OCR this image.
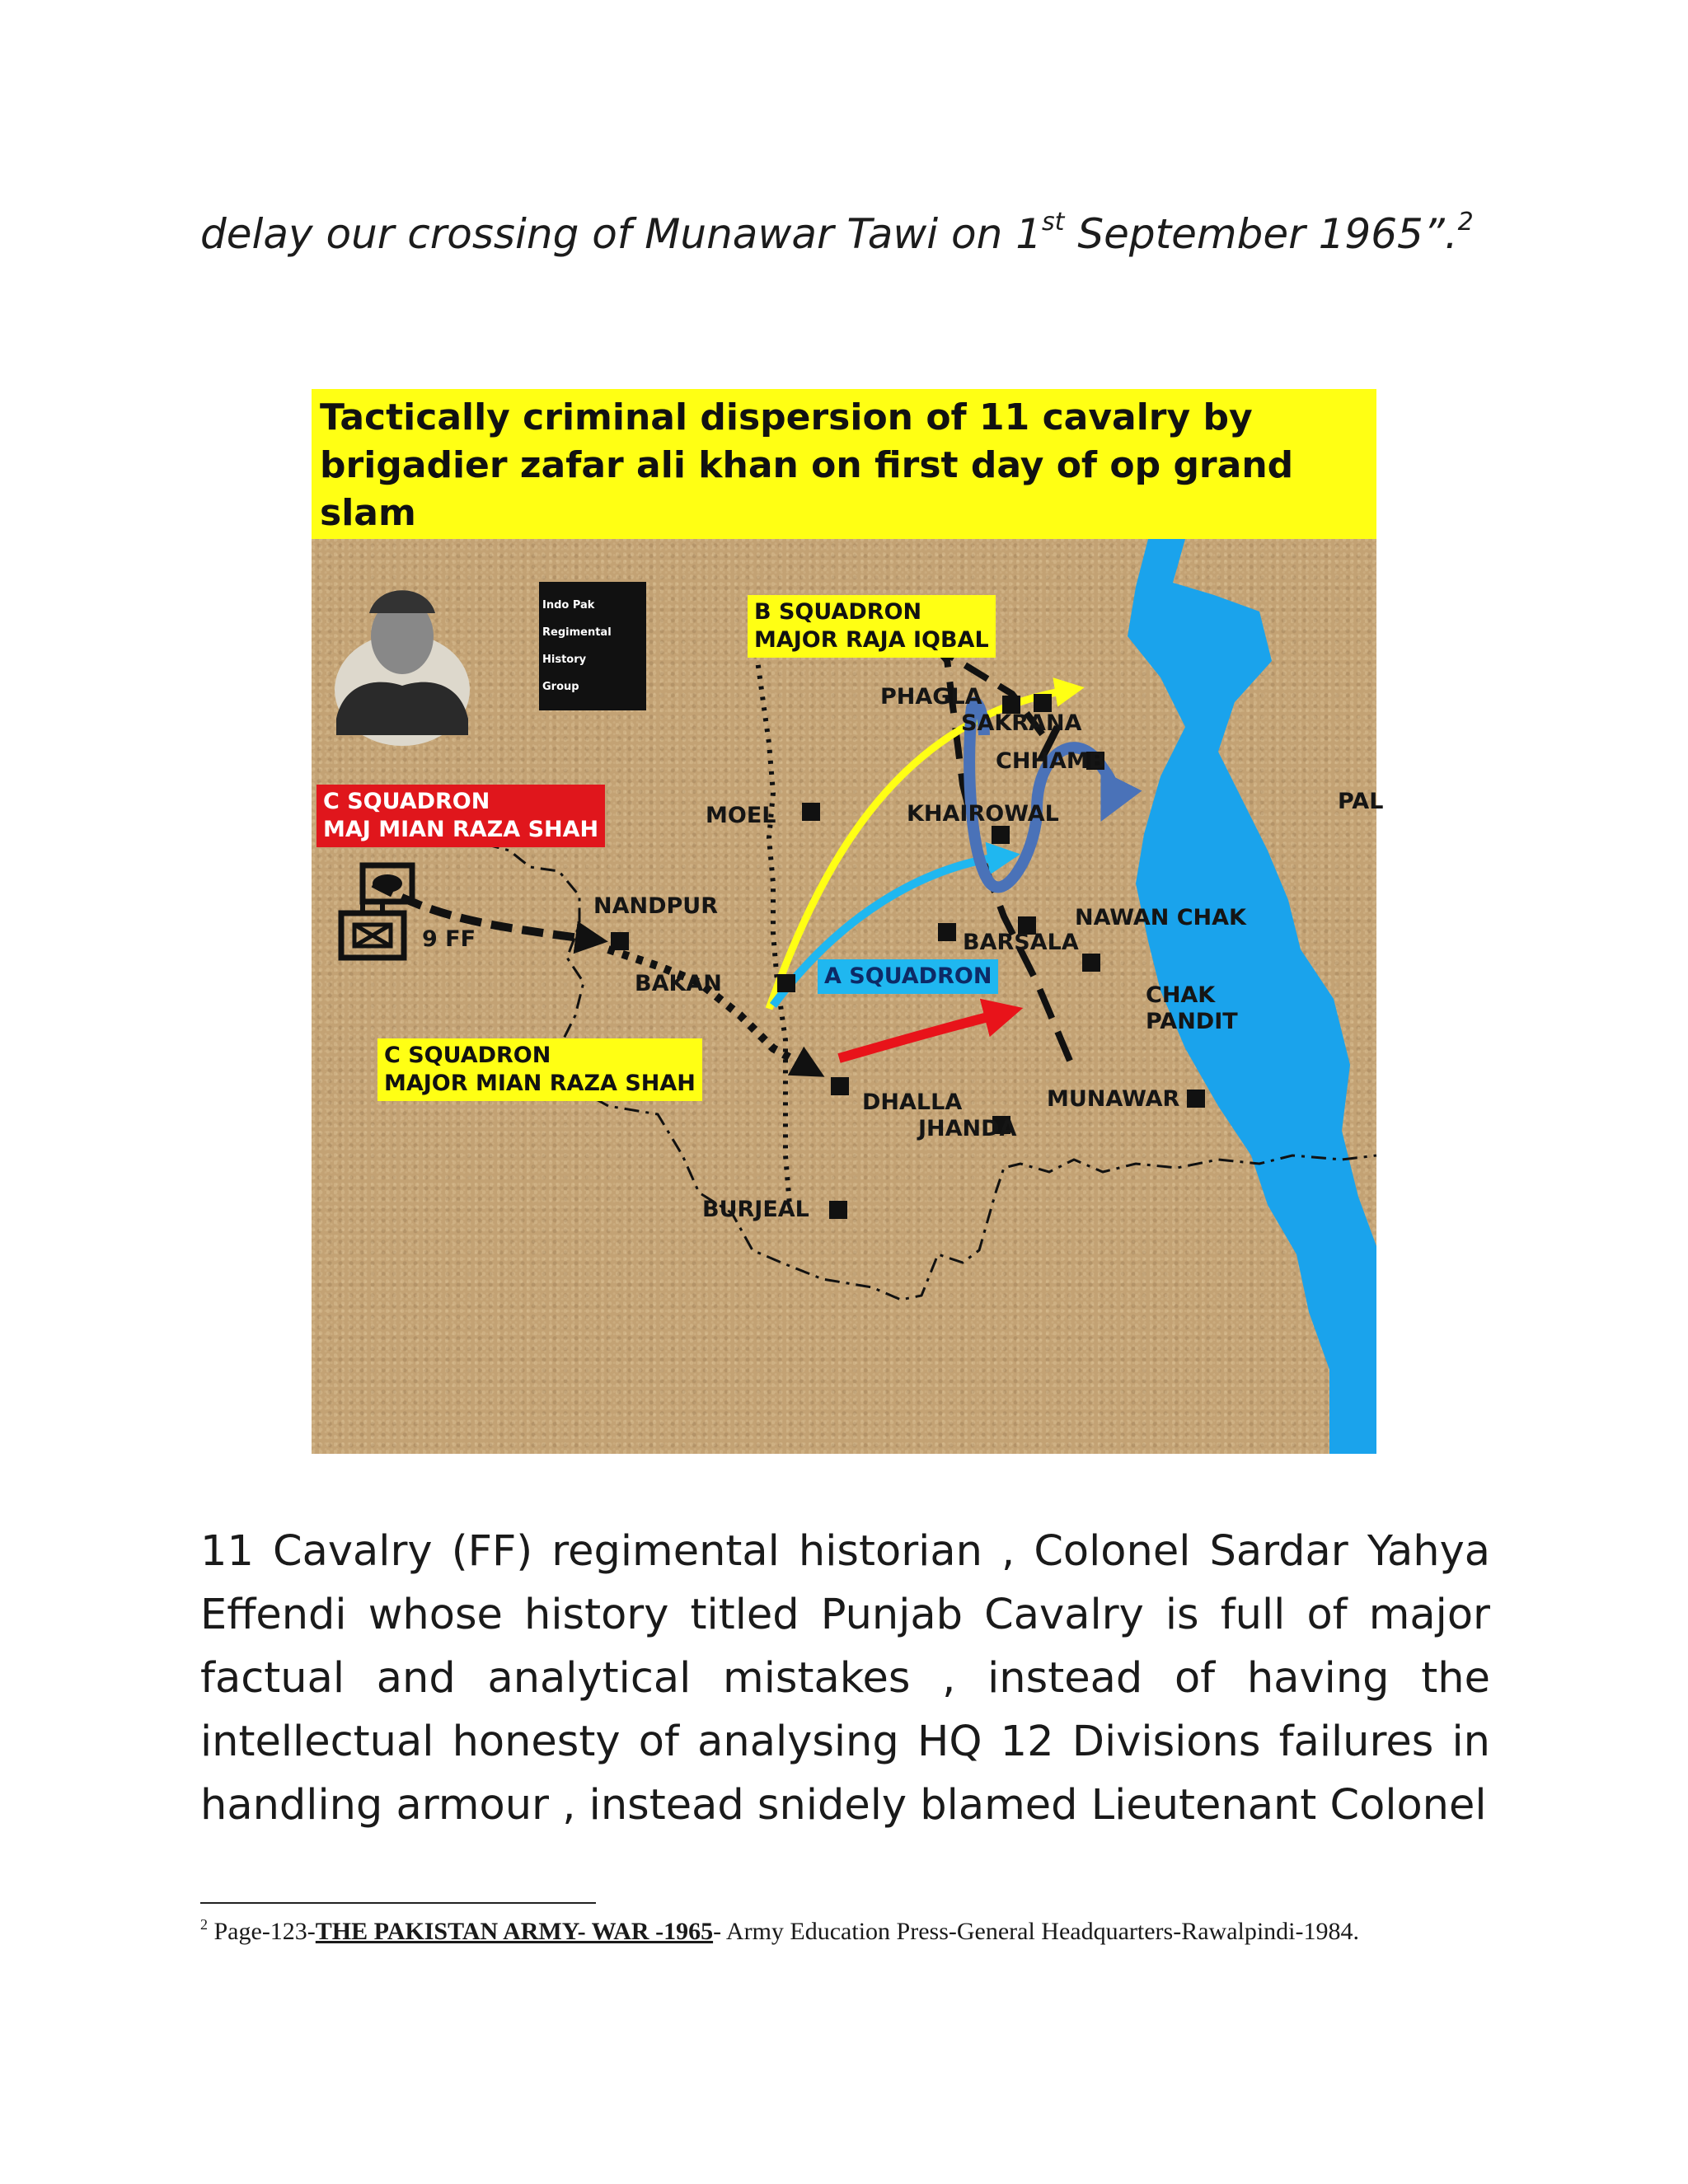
delay our crossing of Munawar Tawi on 1st September 1965”.$^2$

Indo Pak
Regimental
History
Group
Tactically criminal dispersion of 11 cavalry by brigadier zafar ali khan on first day of op grand slam
B SQUADRON
MAJOR RAJA IQBAL
C SQUADRON
MAJ MIAN RAZA SHAH
A SQUADRON
C SQUADRON
MAJOR MIAN RAZA SHAH
9 FF
PHAGLA
SAKRANA
CHHAMB
MOEL	KHAIROWAL	PAL
NANDPUR	NAWAN CHAK
BARSALA
BAKAN	CHAK
PANDIT
DHALLA
JHANDA
MUNAWAR
BURJEAL

11 Cavalry (FF) regimental historian , Colonel Sardar Yahya Effendi whose history titled Punjab Cavalry is full of major factual and analytical mistakes , instead of having the intellectual honesty of analysing HQ 12 Divisions failures in handling armour , instead snidely blamed Lieutenant Colonel

$^2$ Page-123-THE PAKISTAN ARMY- WAR -1965- Army Education Press-General Headquarters-Rawalpindi-1984.
